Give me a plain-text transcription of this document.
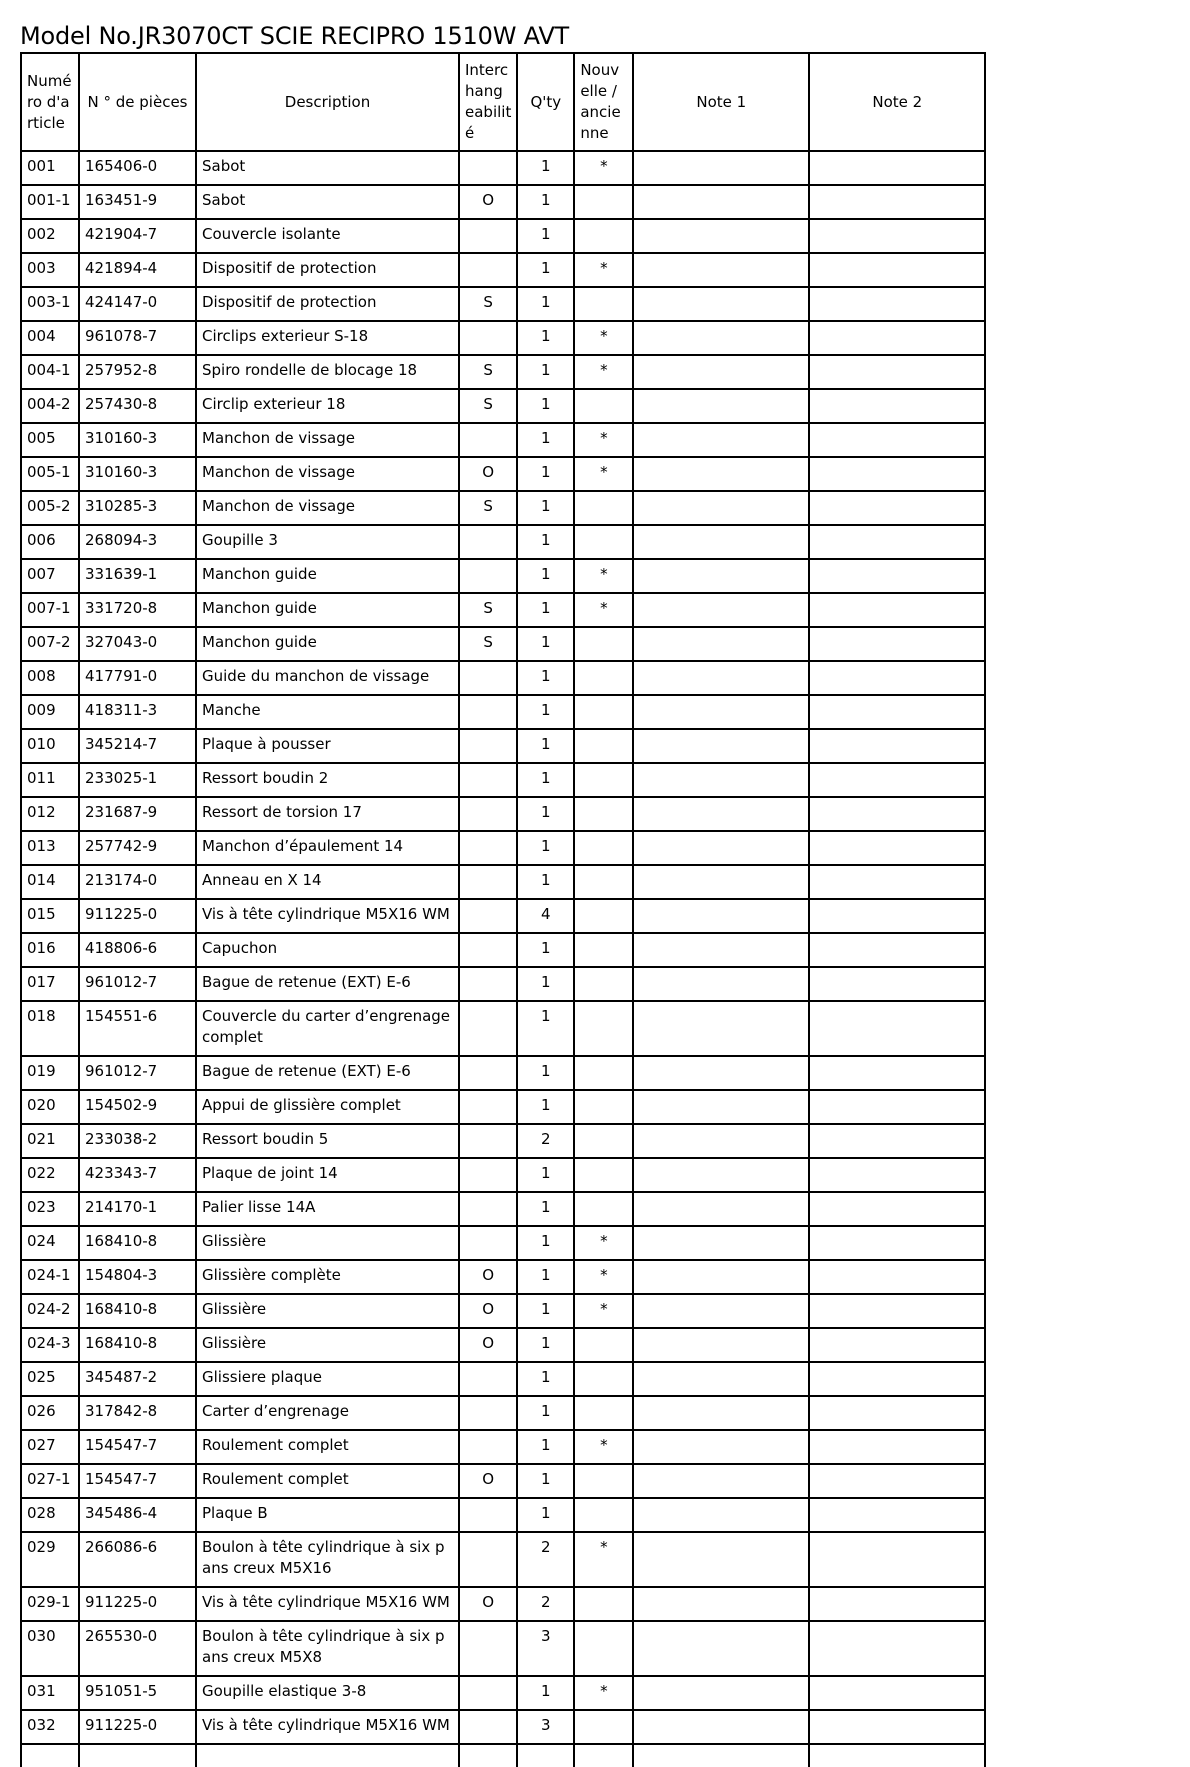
Model No.JR3070CT SCIE RECIPRO 1510W AVT
Numé ro d'a rticle	N ° de pièces	Description	Interc hang eabilit é	Q'ty	Nouv elle / ancie nne	Note 1	Note 2
001	165406-0	Sabot		1	*		
001-1	163451-9	Sabot	O	1			
002	421904-7	Couvercle isolante		1			
003	421894-4	Dispositif de protection		1	*		
003-1	424147-0	Dispositif de protection	S	1			
004	961078-7	Circlips exterieur S-18		1	*		
004-1	257952-8	Spiro rondelle de blocage 18	S	1	*		
004-2	257430-8	Circlip exterieur 18	S	1			
005	310160-3	Manchon de vissage		1	*		
005-1	310160-3	Manchon de vissage	O	1	*		
005-2	310285-3	Manchon de vissage	S	1			
006	268094-3	Goupille 3		1			
007	331639-1	Manchon guide		1	*		
007-1	331720-8	Manchon guide	S	1	*		
007-2	327043-0	Manchon guide	S	1			
008	417791-0	Guide du manchon de vissage		1			
009	418311-3	Manche		1			
010	345214-7	Plaque à pousser		1			
011	233025-1	Ressort boudin 2		1			
012	231687-9	Ressort de torsion 17		1			
013	257742-9	Manchon d’épaulement 14		1			
014	213174-0	Anneau en X 14		1			
015	911225-0	Vis à tête cylindrique M5X16 WM		4			
016	418806-6	Capuchon		1			
017	961012-7	Bague de retenue (EXT) E-6		1			
018	154551-6	Couvercle du carter d’engrenage complet		1			
019	961012-7	Bague de retenue (EXT) E-6		1			
020	154502-9	Appui de glissière complet		1			
021	233038-2	Ressort boudin 5		2			
022	423343-7	Plaque de joint 14		1			
023	214170-1	Palier lisse 14A		1			
024	168410-8	Glissière		1	*		
024-1	154804-3	Glissière complète	O	1	*		
024-2	168410-8	Glissière	O	1	*		
024-3	168410-8	Glissière	O	1			
025	345487-2	Glissiere plaque		1			
026	317842-8	Carter d’engrenage		1			
027	154547-7	Roulement complet		1	*		
027-1	154547-7	Roulement complet	O	1			
028	345486-4	Plaque B		1			
029	266086-6	Boulon à tête cylindrique à six pans creux M5X16		2	*		
029-1	911225-0	Vis à tête cylindrique M5X16 WM	O	2			
030	265530-0	Boulon à tête cylindrique à six pans creux M5X8		3			
031	951051-5	Goupille elastique 3-8		1	*		
032	911225-0	Vis à tête cylindrique M5X16 WM		3			
